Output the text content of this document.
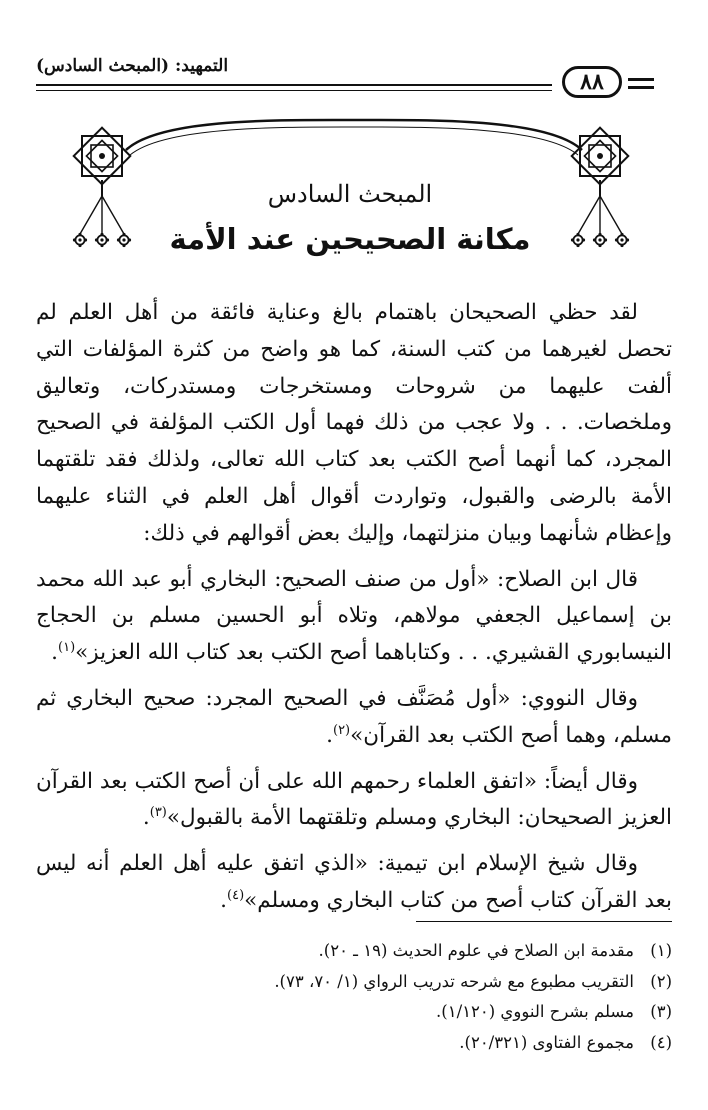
التمهيد: (المبحث السادس)
٨٨
المبحث السادس
مكانة الصحيحين عند الأمة

لقد حظي الصحيحان باهتمام بالغ وعناية فائقة من أهل العلم لم تحصل لغيرهما من كتب السنة، كما هو واضح من كثرة المؤلفات التي ألفت عليهما من شروحات ومستخرجات ومستدركات، وتعاليق وملخصات. . . ولا عجب من ذلك فهما أول الكتب المؤلفة في الصحيح المجرد، كما أنهما أصح الكتب بعد كتاب الله تعالى، ولذلك فقد تلقتهما الأمة بالرضى والقبول، وتواردت أقوال أهل العلم في الثناء عليهما وإعظام شأنهما وبيان منزلتهما، وإليك بعض أقوالهم في ذلك:

قال ابن الصلاح: «أول من صنف الصحيح: البخاري أبو عبد الله محمد بن إسماعيل الجعفي مولاهم، وتلاه أبو الحسين مسلم بن الحجاج النيسابوري القشيري. . . وكتاباهما أصح الكتب بعد كتاب الله العزيز»$^{(١)}$.

وقال النووي: «أول مُصَنَّف في الصحيح المجرد: صحيح البخاري ثم مسلم، وهما أصح الكتب بعد القرآن»$^{(٢)}$.

وقال أيضاً: «اتفق العلماء رحمهم الله على أن أصح الكتب بعد القرآن العزيز الصحيحان: البخاري ومسلم وتلقتهما الأمة بالقبول»$^{(٣)}$.

وقال شيخ الإسلام ابن تيمية: «الذي اتفق عليه أهل العلم أنه ليس بعد القرآن كتاب أصح من كتاب البخاري ومسلم»$^{(٤)}$.

(١)
مقدمة ابن الصلاح في علوم الحديث (١٩ ـ ٢٠).
(٢)
التقريب مطبوع مع شرحه تدريب الرواي (١/ ٧٠، ٧٣).
(٣)
مسلم بشرح النووي (١/١٢٠).
(٤)
مجموع الفتاوى (٢٠/٣٢١).
